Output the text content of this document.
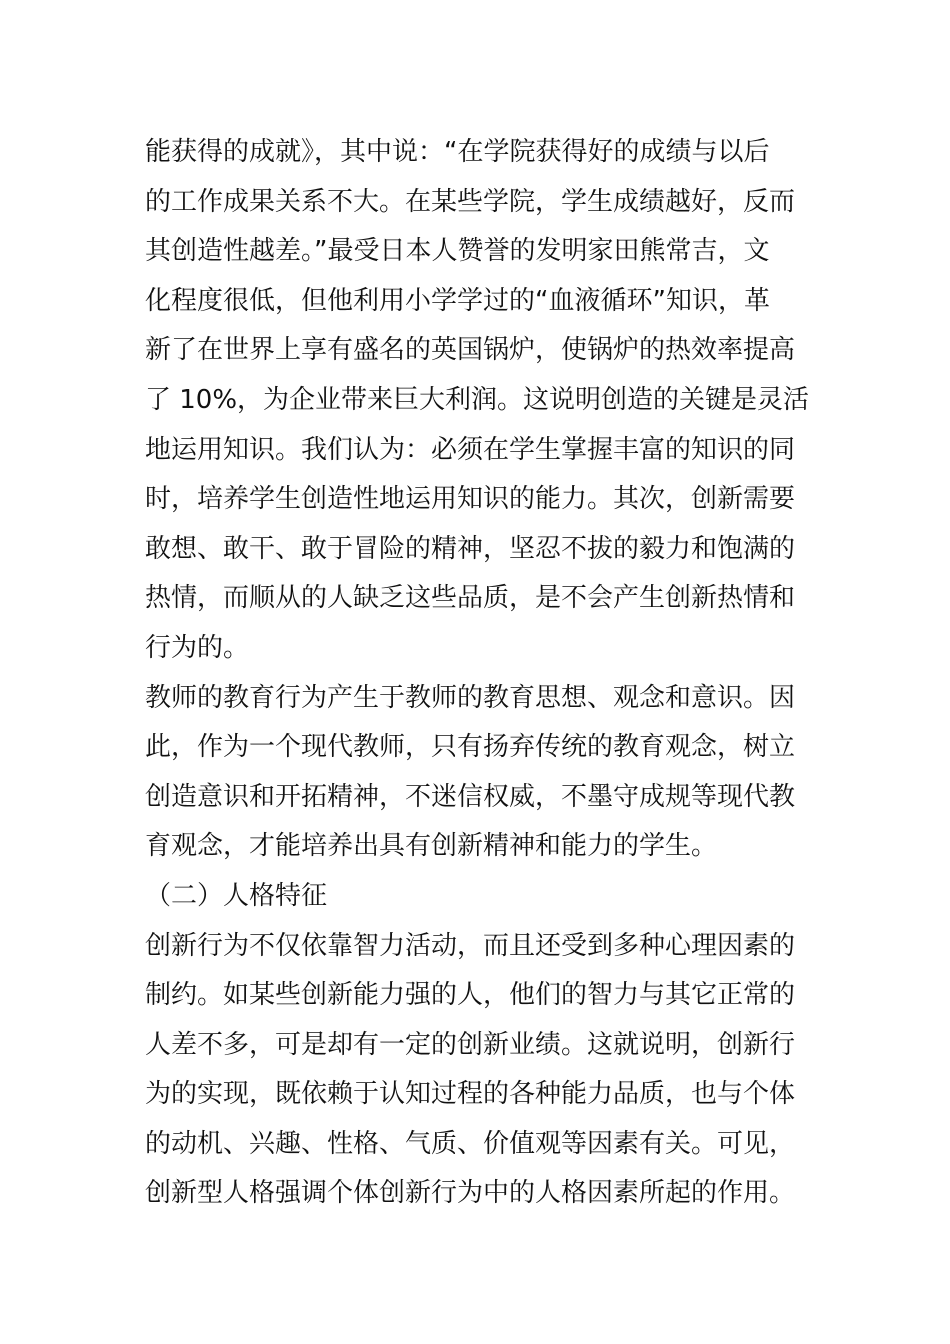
能获得的成就》，其中说：“在学院获得好的成绩与以后
的工作成果关系不大。在某些学院，学生成绩越好，反而
其创造性越差。”最受日本人赞誉的发明家田熊常吉，文
化程度很低，但他利用小学学过的“血液循环”知识，革
新了在世界上享有盛名的英国锅炉，使锅炉的热效率提高
了 10%，为企业带来巨大利润。这说明创造的关键是灵活
地运用知识。我们认为：必须在学生掌握丰富的知识的同
时，培养学生创造性地运用知识的能力。其次，创新需要
敢想、敢干、敢于冒险的精神，坚忍不拔的毅力和饱满的
热情，而顺从的人缺乏这些品质，是不会产生创新热情和
行为的。
教师的教育行为产生于教师的教育思想、观念和意识。因
此，作为一个现代教师，只有扬弃传统的教育观念，树立
创造意识和开拓精神，不迷信权威，不墨守成规等现代教
育观念，才能培养出具有创新精神和能力的学生。
（二）人格特征
创新行为不仅依靠智力活动，而且还受到多种心理因素的
制约。如某些创新能力强的人，他们的智力与其它正常的
人差不多，可是却有一定的创新业绩。这就说明，创新行
为的实现，既依赖于认知过程的各种能力品质，也与个体
的动机、兴趣、性格、气质、价值观等因素有关。可见，
创新型人格强调个体创新行为中的人格因素所起的作用。
